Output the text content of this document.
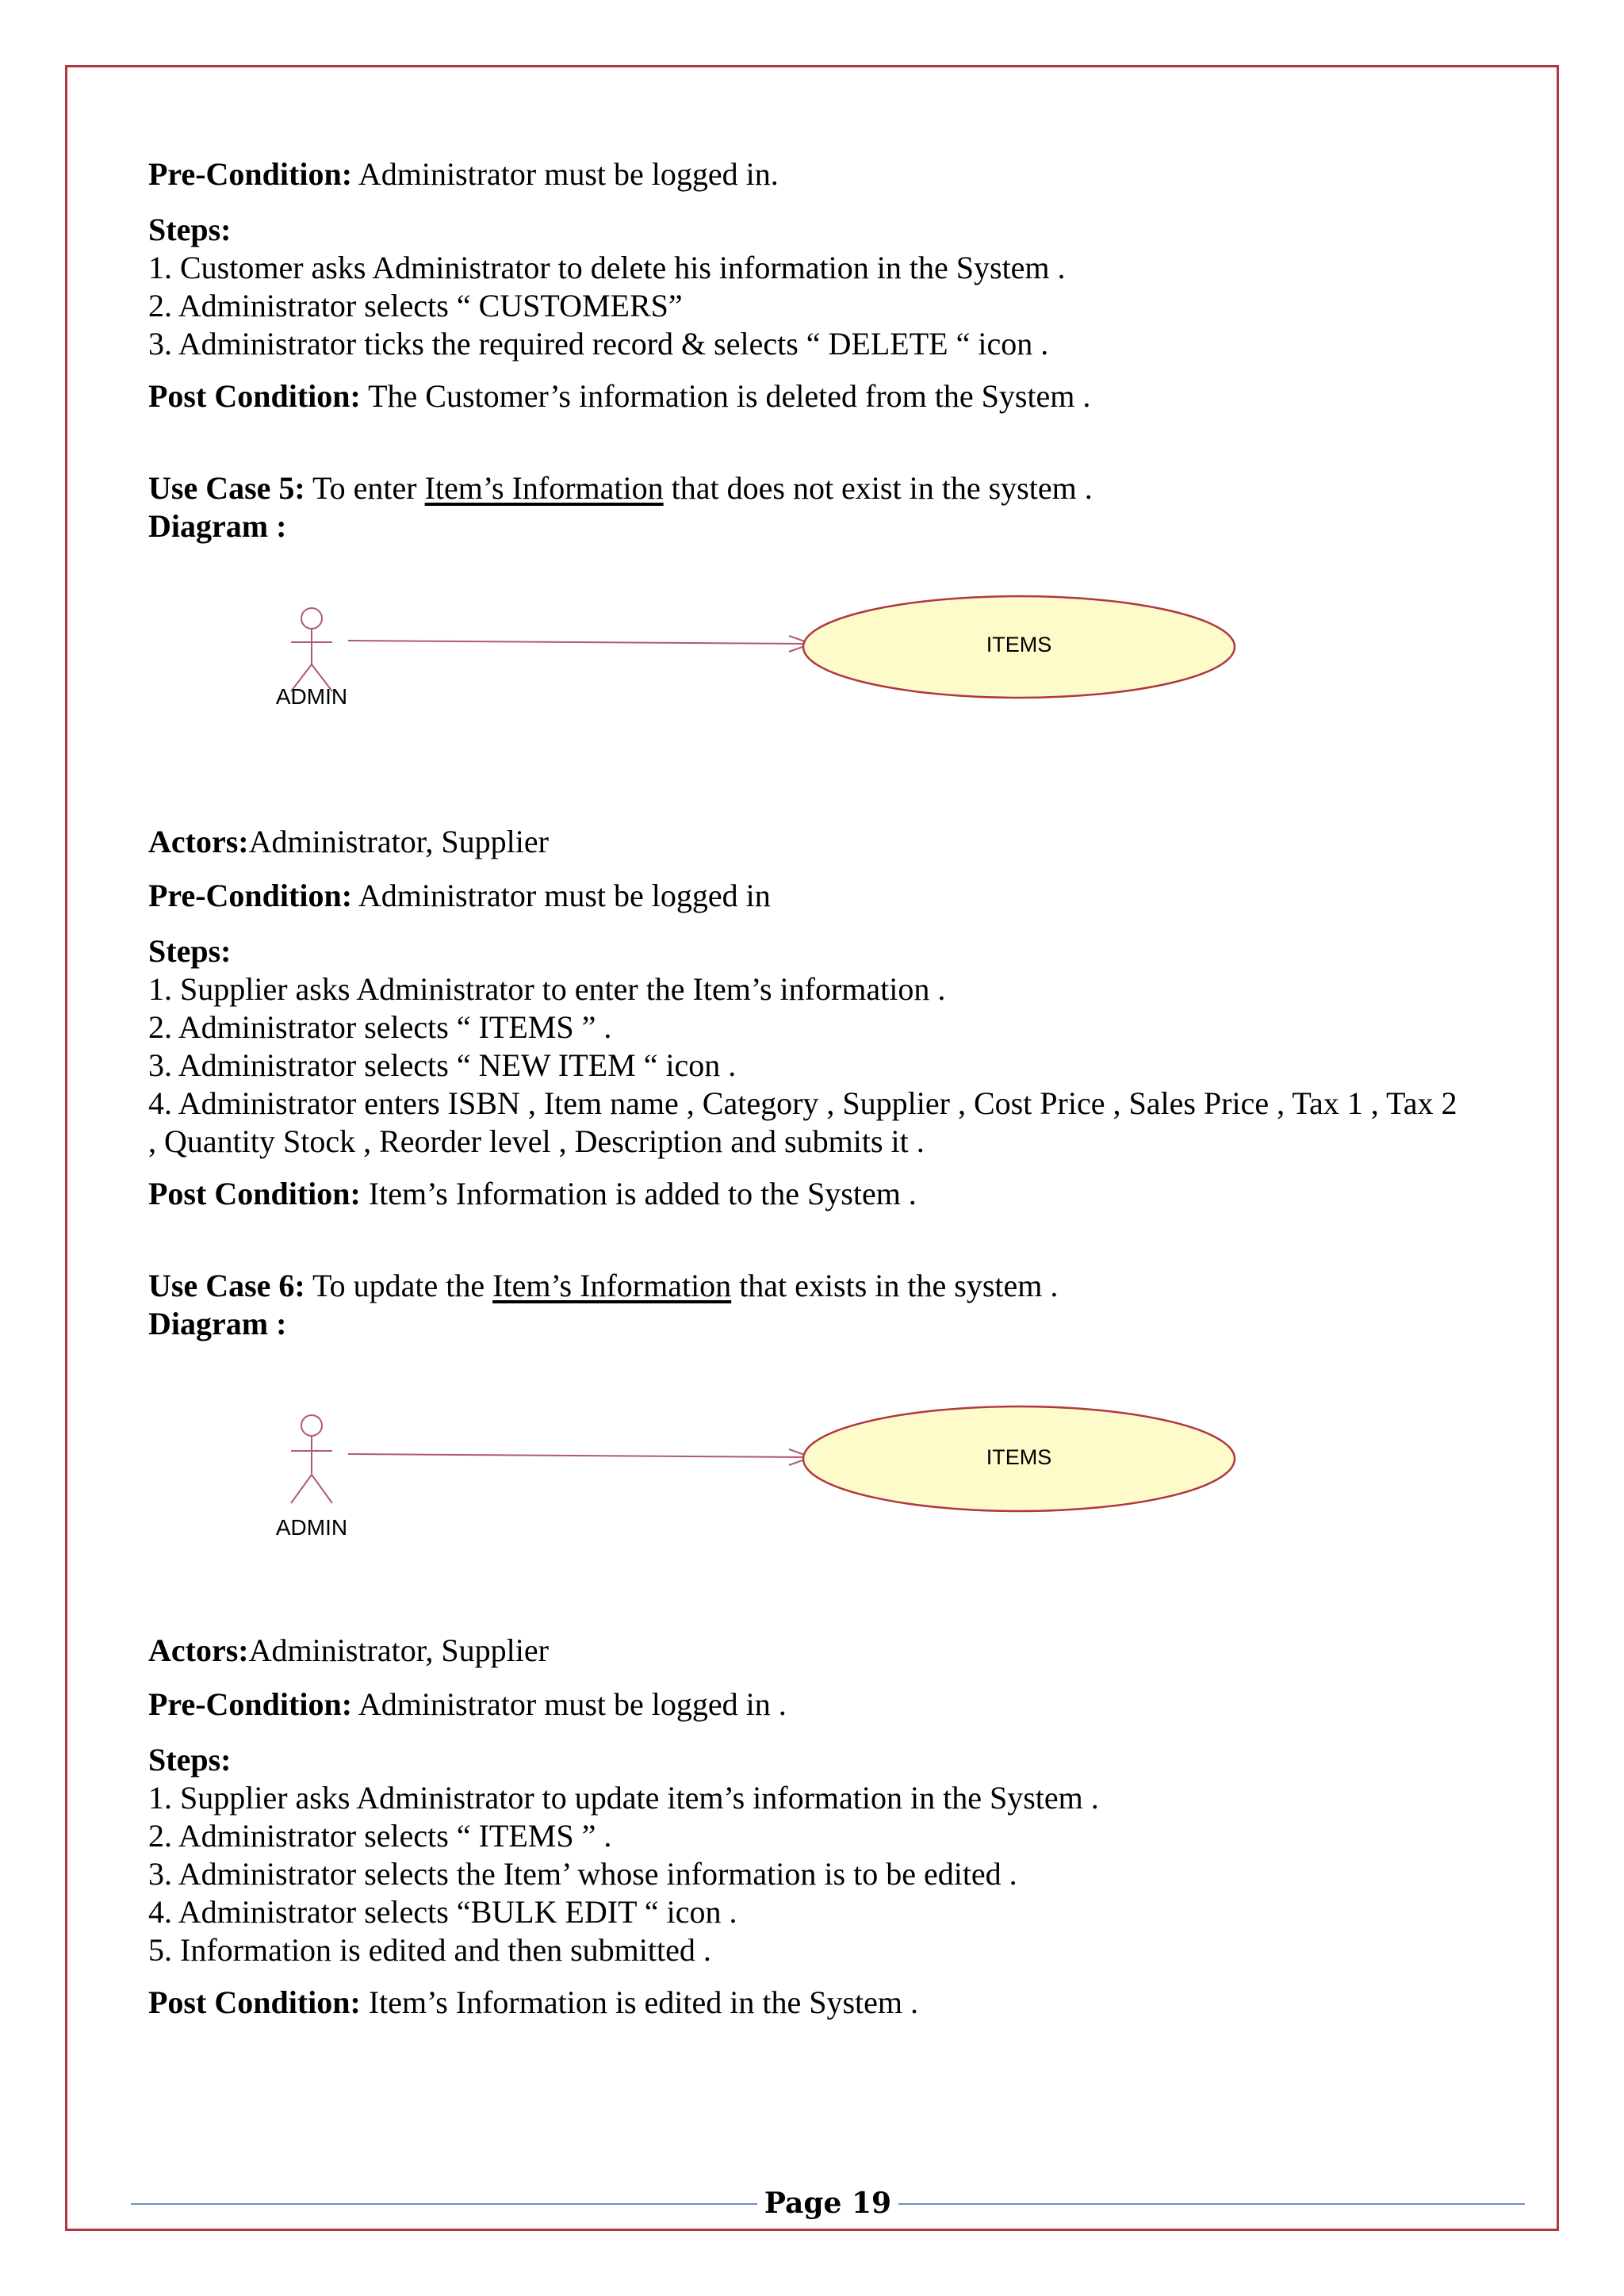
Pre-Condition: Administrator must be logged in.

Steps:

1. Customer asks Administrator to delete his information in the System .

2. Administrator selects “ CUSTOMERS”

3. Administrator ticks the required record & selects “ DELETE “ icon .

Post Condition: The Customer’s information is deleted from the System .

Use Case 5: To enter Item’s Information that does not exist in the system .

Diagram :

ADMIN
ITEMS

Actors:Administrator, Supplier

Pre-Condition: Administrator must be logged in

Steps:

1. Supplier asks Administrator to enter the Item’s information .

2. Administrator selects “ ITEMS ” .

3. Administrator selects “ NEW ITEM “ icon .

4. Administrator enters ISBN , Item name , Category , Supplier , Cost Price , Sales Price , Tax 1 , Tax 2

, Quantity Stock , Reorder level , Description and submits it .

Post Condition: Item’s Information is added to the System .

Use Case 6: To update the Item’s Information that exists in the system .

Diagram :

ADMIN
ITEMS

Actors:Administrator, Supplier

Pre-Condition: Administrator must be logged in .

Steps:

1. Supplier asks Administrator to update item’s information in the System .

2. Administrator selects “ ITEMS ” .

3. Administrator selects the Item’ whose information is to be edited .

4. Administrator selects “BULK EDIT “ icon .

5. Information is edited and then submitted .

Post Condition: Item’s Information is edited in the System .

Page 19
